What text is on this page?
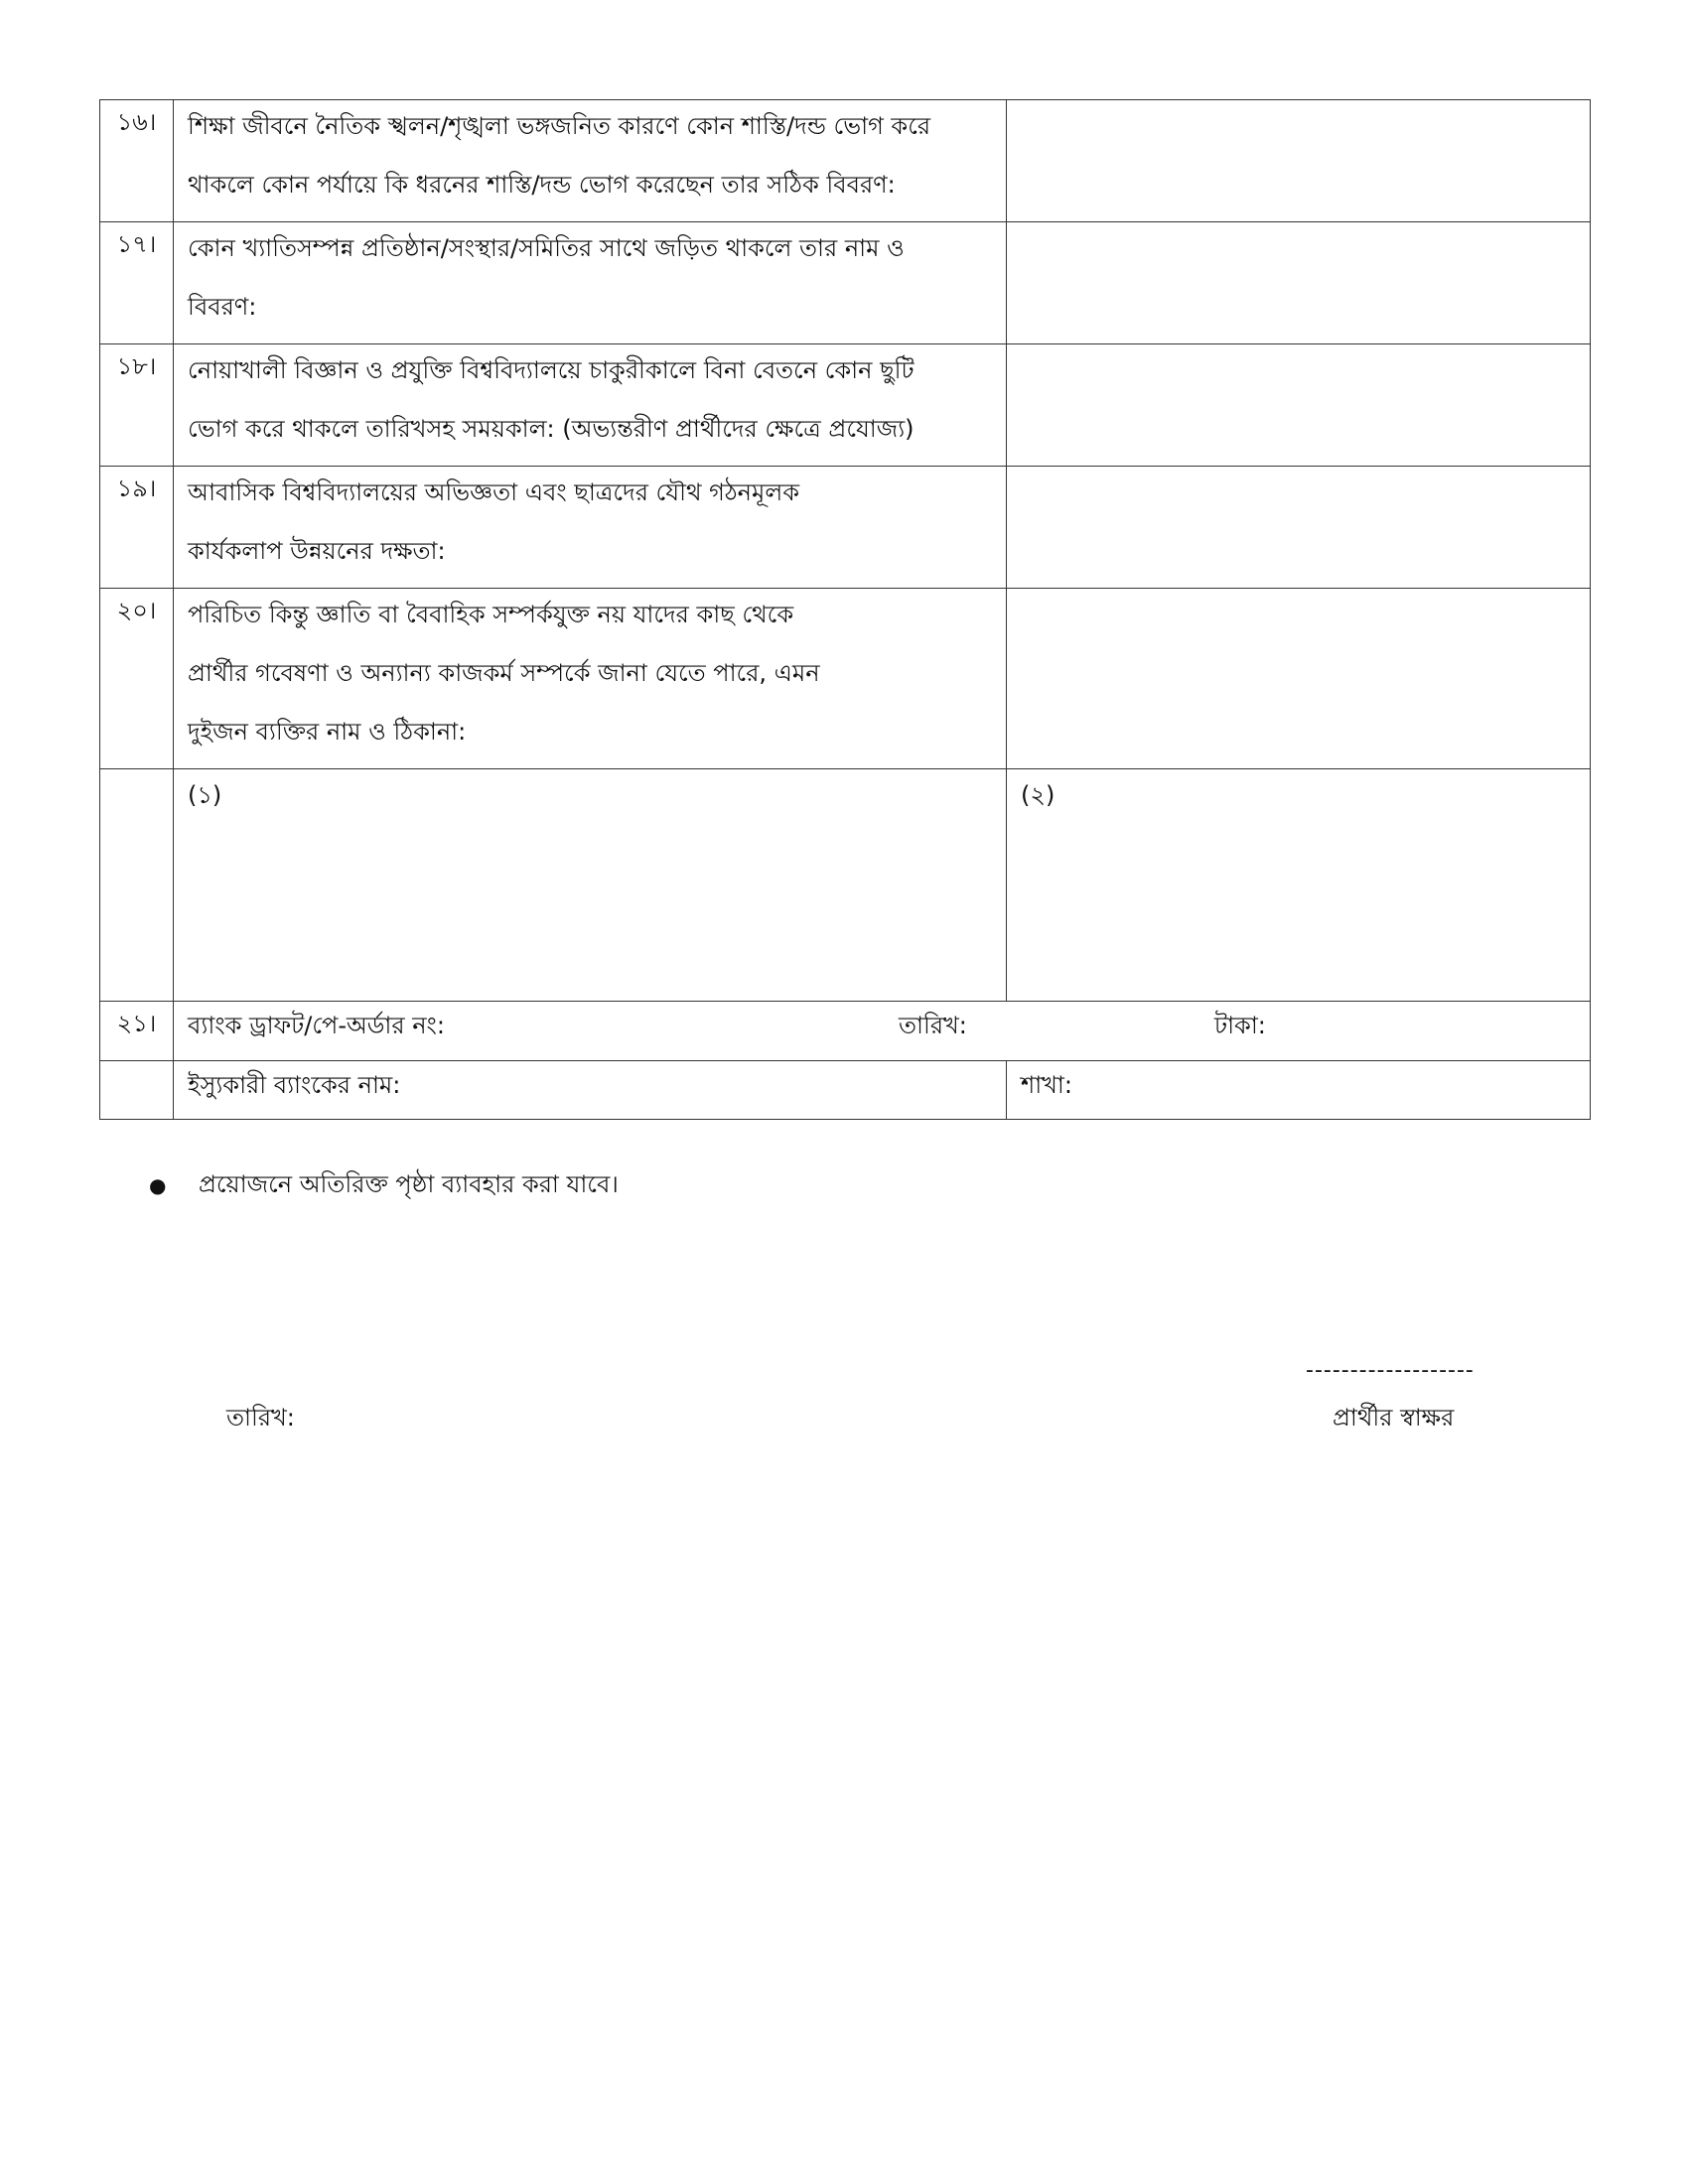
১৬।	শিক্ষা জীবনে নৈতিক স্খলন/শৃঙ্খলা ভঙ্গজনিত কারণে কোন শাস্তি/দন্ড ভোগ করে
থাকলে কোন পর্যায়ে কি ধরনের শাস্তি/দন্ড ভোগ করেছেন তার সঠিক বিবরণ:	

১৭।	কোন খ্যাতিসম্পন্ন প্রতিষ্ঠান/সংস্থার/সমিতির সাথে জড়িত থাকলে তার নাম ও
বিবরণ:	

১৮।	নোয়াখালী বিজ্ঞান ও প্রযুক্তি বিশ্ববিদ্যালয়ে চাকুরীকালে বিনা বেতনে কোন ছুটি
ভোগ করে থাকলে তারিখসহ সময়কাল: (অভ্যন্তরীণ প্রার্থীদের ক্ষেত্রে প্রযোজ্য)	

১৯।	আবাসিক বিশ্ববিদ্যালয়ের অভিজ্ঞতা এবং ছাত্রদের যৌথ গঠনমূলক
কার্যকলাপ উন্নয়নের দক্ষতা:	

২০।	পরিচিত কিন্তু জ্ঞাতি বা বৈবাহিক সম্পর্কযুক্ত নয় যাদের কাছ থেকে
প্রার্থীর গবেষণা ও অন্যান্য কাজকর্ম সম্পর্কে জানা যেতে পারে, এমন
দুইজন ব্যক্তির নাম ও ঠিকানা:	

	(১)	(২)
২১।	ব্যাংক ড্রাফট/পে-অর্ডার নং: তারিখ: টাকা:	

	ইস্যুকারী ব্যাংকের নাম:	শাখা:
● প্রয়োজনে অতিরিক্ত পৃষ্ঠা ব্যাবহার করা যাবে।
তারিখ:
-------------------
প্রার্থীর স্বাক্ষর
